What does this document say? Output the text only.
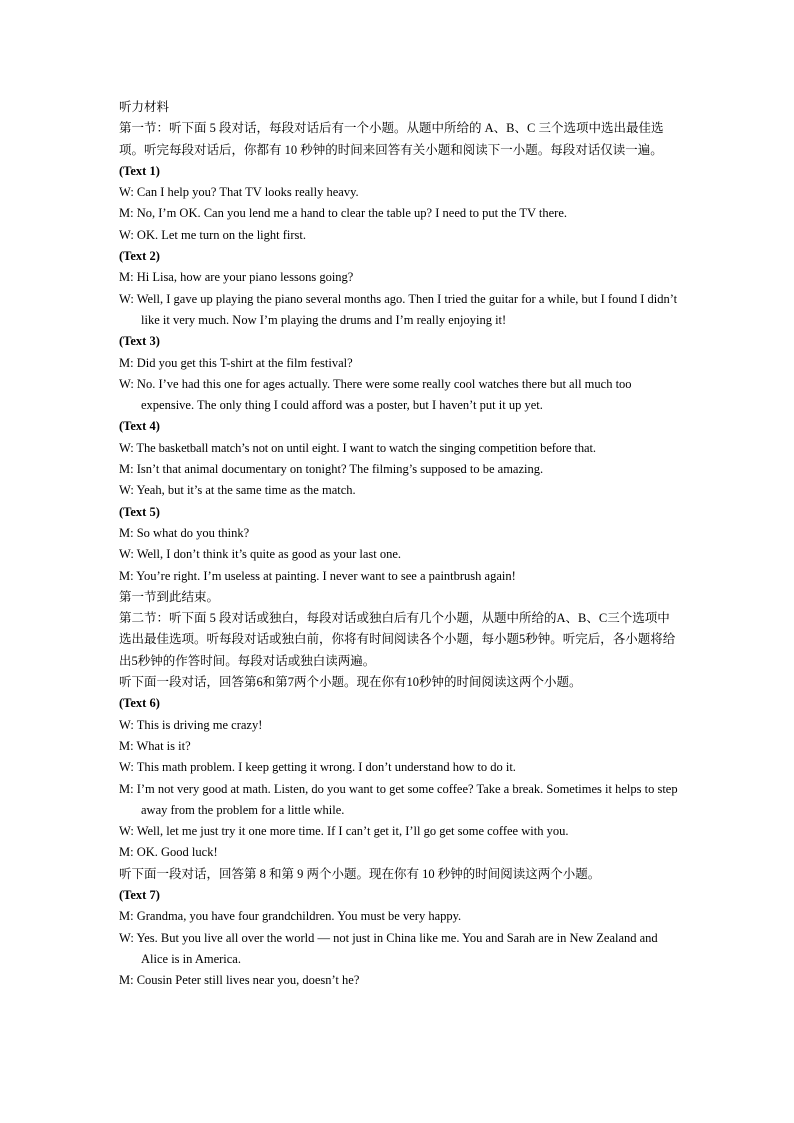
听力材料
第一节：听下面 5 段对话，每段对话后有一个小题。从题中所给的 A、B、C 三个选项中选出最佳选项。听完每段对话后，你都有 10 秒钟的时间来回答有关小题和阅读下一小题。每段对话仅读一遍。
(Text 1)
W: Can I help you? That TV looks really heavy.
M: No, I’m OK. Can you lend me a hand to clear the table up? I need to put the TV there.
W: OK. Let me turn on the light first.
(Text 2)
M: Hi Lisa, how are your piano lessons going?
W: Well, I gave up playing the piano several months ago. Then I tried the guitar for a while, but I found I didn’t like it very much. Now I’m playing the drums and I’m really enjoying it!
(Text 3)
M: Did you get this T-shirt at the film festival?
W: No. I’ve had this one for ages actually. There were some really cool watches there but all much too expensive. The only thing I could afford was a poster, but I haven’t put it up yet.
(Text 4)
W: The basketball match’s not on until eight. I want to watch the singing competition before that.
M: Isn’t that animal documentary on tonight? The filming’s supposed to be amazing.
W: Yeah, but it’s at the same time as the match.
(Text 5)
M: So what do you think?
W: Well, I don’t think it’s quite as good as your last one.
M: You’re right. I’m useless at painting. I never want to see a paintbrush again!
第一节到此结束。
第二节：听下面 5 段对话或独白，每段对话或独白后有几个小题，从题中所给的A、B、C三个选项中选出最佳选项。听每段对话或独白前，你将有时间阅读各个小题，每小题5秒钟。听完后，各小题将给出5秒钟的作答时间。每段对话或独白读两遍。
听下面一段对话，回答第6和第7两个小题。现在你有10秒钟的时间阅读这两个小题。
(Text 6)
W: This is driving me crazy!
M: What is it?
W: This math problem. I keep getting it wrong. I don’t understand how to do it.
M: I’m not very good at math. Listen, do you want to get some coffee? Take a break. Sometimes it helps to step away from the problem for a little while.
W: Well, let me just try it one more time. If I can’t get it, I’ll go get some coffee with you.
M: OK. Good luck!
听下面一段对话，回答第 8 和第 9 两个小题。现在你有 10 秒钟的时间阅读这两个小题。
(Text 7)
M: Grandma, you have four grandchildren. You must be very happy.
W: Yes. But you live all over the world — not just in China like me. You and Sarah are in New Zealand and Alice is in America.
M: Cousin Peter still lives near you, doesn’t he?
